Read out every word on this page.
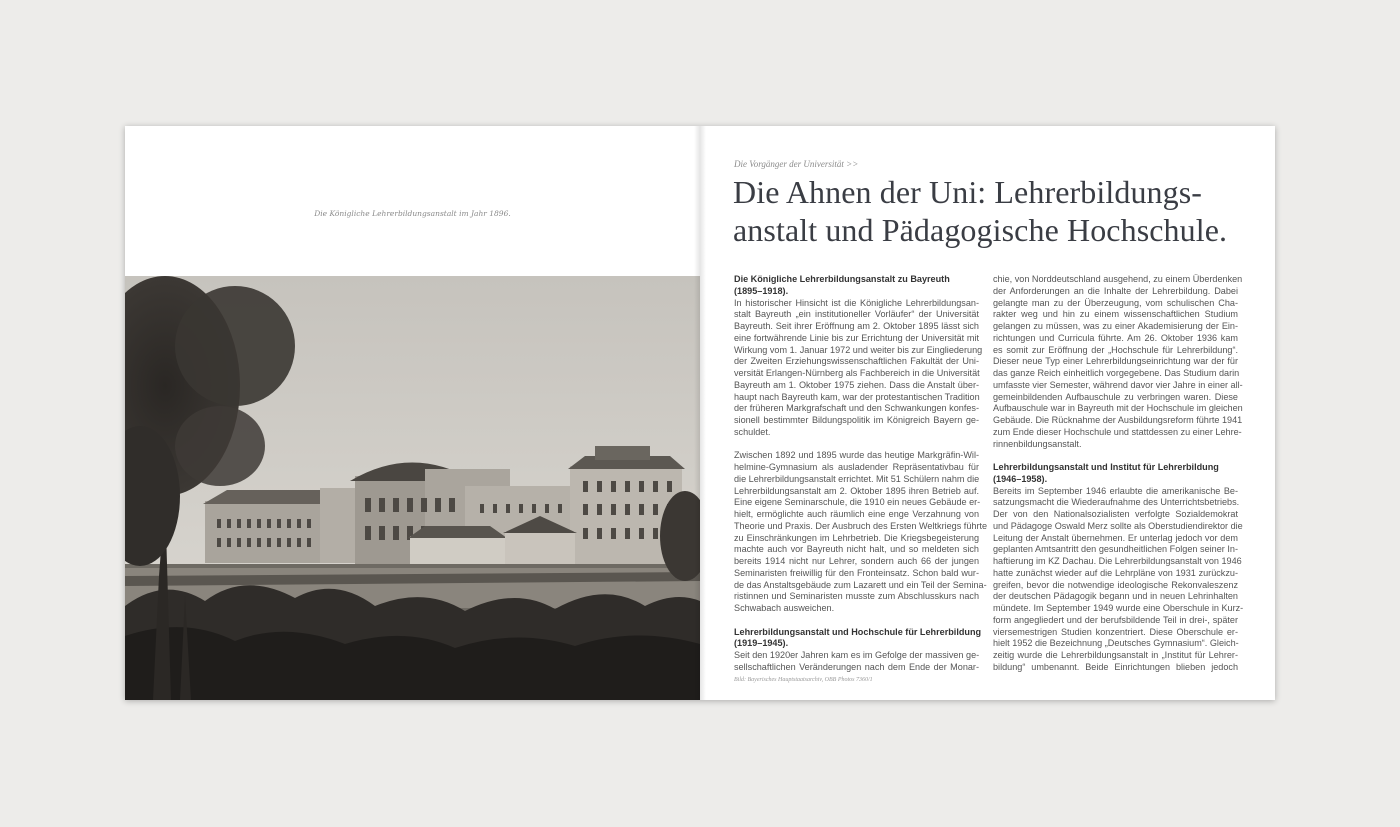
Die Königliche Lehrerbildungsanstalt im Jahr 1896.
Die Vorgänger der Universität >>
Die Ahnen der Uni: Lehrerbildungs-
anstalt und Pädagogische Hochschule.
Die Königliche Lehrerbildungsanstalt zu Bayreuth
(1895–1918).
In historischer Hinsicht ist die Königliche Lehrerbildungsan-
stalt Bayreuth „ein institutioneller Vorläufer“ der Universität
Bayreuth. Seit ihrer Eröffnung am 2. Oktober 1895 lässt sich
eine fortwährende Linie bis zur Errichtung der Universität mit
Wirkung vom 1. Januar 1972 und weiter bis zur Eingliederung
der Zweiten Erziehungswissenschaftlichen Fakultät der Uni-
versität Erlangen-Nürnberg als Fachbereich in die Universität
Bayreuth am 1. Oktober 1975 ziehen. Dass die Anstalt über-
haupt nach Bayreuth kam, war der protestantischen Tradition
der früheren Markgrafschaft und den Schwankungen konfes-
sionell bestimmter Bildungspolitik im Königreich Bayern ge-
schuldet.
Zwischen 1892 und 1895 wurde das heutige Markgräfin-Wil-
helmine-Gymnasium als ausladender Repräsentativbau für
die Lehrerbildungsanstalt errichtet. Mit 51 Schülern nahm die
Lehrerbildungsanstalt am 2. Oktober 1895 ihren Betrieb auf.
Eine eigene Seminarschule, die 1910 ein neues Gebäude er-
hielt, ermöglichte auch räumlich eine enge Verzahnung von
Theorie und Praxis. Der Ausbruch des Ersten Weltkriegs führte
zu Einschränkungen im Lehrbetrieb. Die Kriegsbegeisterung
machte auch vor Bayreuth nicht halt, und so meldeten sich
bereits 1914 nicht nur Lehrer, sondern auch 66 der jungen
Seminaristen freiwillig für den Fronteinsatz. Schon bald wur-
de das Anstaltsgebäude zum Lazarett und ein Teil der Semina-
ristinnen und Seminaristen musste zum Abschlusskurs nach
Schwabach ausweichen.
Lehrerbildungsanstalt und Hochschule für Lehrerbildung
(1919–1945).
Seit den 1920er Jahren kam es im Gefolge der massiven ge-
sellschaftlichen Veränderungen nach dem Ende der Monar-
chie, von Norddeutschland ausgehend, zu einem Überdenken
der Anforderungen an die Inhalte der Lehrerbildung. Dabei
gelangte man zu der Überzeugung, vom schulischen Cha-
rakter weg und hin zu einem wissenschaftlichen Studium
gelangen zu müssen, was zu einer Akademisierung der Ein-
richtungen und Curricula führte. Am 26. Oktober 1936 kam
es somit zur Eröffnung der „Hochschule für Lehrerbildung“.
Dieser neue Typ einer Lehrerbildungseinrichtung war der für
das ganze Reich einheitlich vorgegebene. Das Studium darin
umfasste vier Semester, während davor vier Jahre in einer all-
gemeinbildenden Aufbauschule zu verbringen waren. Diese
Aufbauschule war in Bayreuth mit der Hochschule im gleichen
Gebäude. Die Rücknahme der Ausbildungsreform führte 1941
zum Ende dieser Hochschule und stattdessen zu einer Lehre-
rinnenbildungsanstalt.
Lehrerbildungsanstalt und Institut für Lehrerbildung
(1946–1958).
Bereits im September 1946 erlaubte die amerikanische Be-
satzungsmacht die Wiederaufnahme des Unterrichtsbetriebs.
Der von den Nationalsozialisten verfolgte Sozialdemokrat
und Pädagoge Oswald Merz sollte als Oberstudiendirektor die
Leitung der Anstalt übernehmen. Er unterlag jedoch vor dem
geplanten Amtsantritt den gesundheitlichen Folgen seiner In-
haftierung im KZ Dachau. Die Lehrerbildungsanstalt von 1946
hatte zunächst wieder auf die Lehrpläne von 1931 zurückzu-
greifen, bevor die notwendige ideologische Rekonvaleszenz
der deutschen Pädagogik begann und in neuen Lehrinhalten
mündete. Im September 1949 wurde eine Oberschule in Kurz-
form angegliedert und der berufsbildende Teil in drei-, später
viersemestrigen Studien konzentriert. Diese Oberschule er-
hielt 1952 die Bezeichnung „Deutsches Gymnasium“. Gleich-
zeitig wurde die Lehrerbildungsanstalt in „Institut für Lehrer-
bildung“ umbenannt. Beide Einrichtungen blieben jedoch
Bild: Bayerisches Hauptstaatsarchiv, OBB Photos 7360/1
